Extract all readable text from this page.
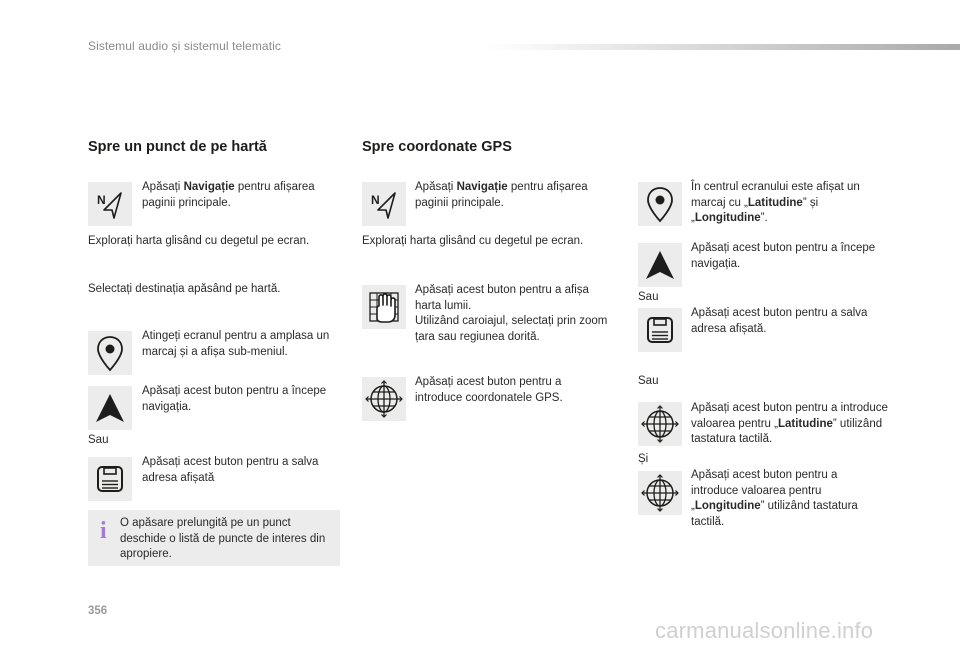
Sistemul audio și sistemul telematic
Spre un punct de pe hartă
Apăsați Navigație pentru afișarea paginii principale.
Explorați harta glisând cu degetul pe ecran.
Selectați destinația apăsând pe hartă.
Atingeți ecranul pentru a amplasa un marcaj și a afișa sub-meniul.
Apăsați acest buton pentru a începe navigația.
Sau
Apăsați acest buton pentru a salva adresa afișată
i O apăsare prelungită pe un punct deschide o listă de puncte de interes din apropiere.
Spre coordonate GPS
Apăsați Navigație pentru afișarea paginii principale.
Explorați harta glisând cu degetul pe ecran.
Apăsați acest buton pentru a afișa harta lumii.
Utilizând caroiajul, selectați prin zoom țara sau regiunea dorită.
Apăsați acest buton pentru a introduce coordonatele GPS.
În centrul ecranului este afișat un marcaj cu „Latitudine” și „Longitudine”.
Apăsați acest buton pentru a începe navigația.
Sau
Apăsați acest buton pentru a salva adresa afișată.
Sau
Apăsați acest buton pentru a introduce valoarea pentru „Latitudine” utilizând tastatura tactilă.
Și
Apăsați acest buton pentru a introduce valoarea pentru „Longitudine” utilizând tastatura tactilă.
356
carmanualsonline.info
